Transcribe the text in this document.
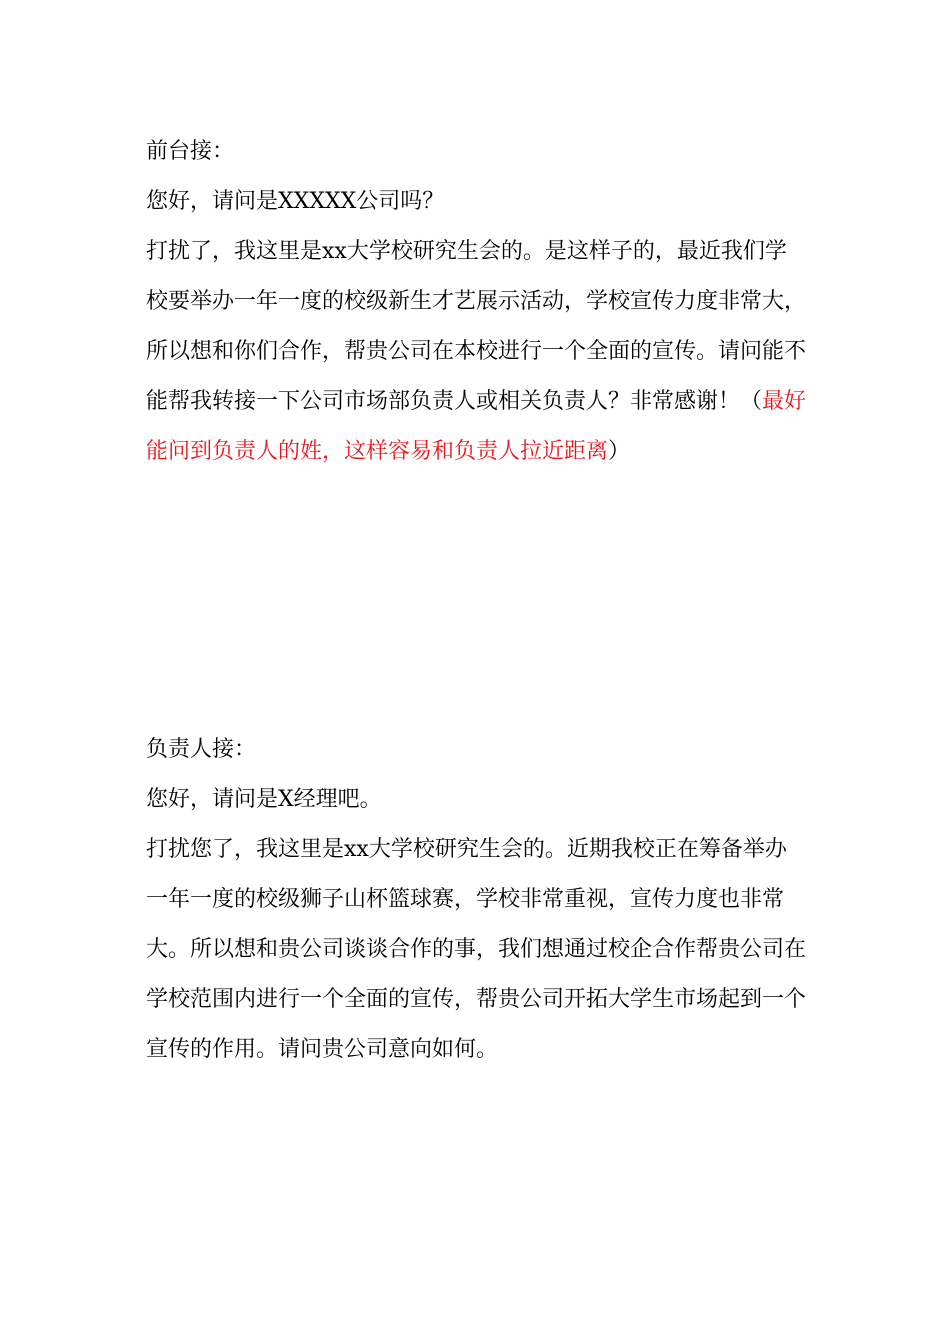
前台接：

您好，请问是XXXXX公司吗？

打扰了，我这里是xx大学校研究生会的。是这样子的，最近我们学校要举办一年一度的校级新生才艺展示活动，学校宣传力度非常大，所以想和你们合作，帮贵公司在本校进行一个全面的宣传。请问能不能帮我转接一下公司市场部负责人或相关负责人？非常感谢！（最好能问到负责人的姓，这样容易和负责人拉近距离）

负责人接：

您好，请问是X经理吧。

打扰您了，我这里是xx大学校研究生会的。近期我校正在筹备举办一年一度的校级狮子山杯篮球赛，学校非常重视，宣传力度也非常大。所以想和贵公司谈谈合作的事，我们想通过校企合作帮贵公司在学校范围内进行一个全面的宣传，帮贵公司开拓大学生市场起到一个宣传的作用。请问贵公司意向如何。
